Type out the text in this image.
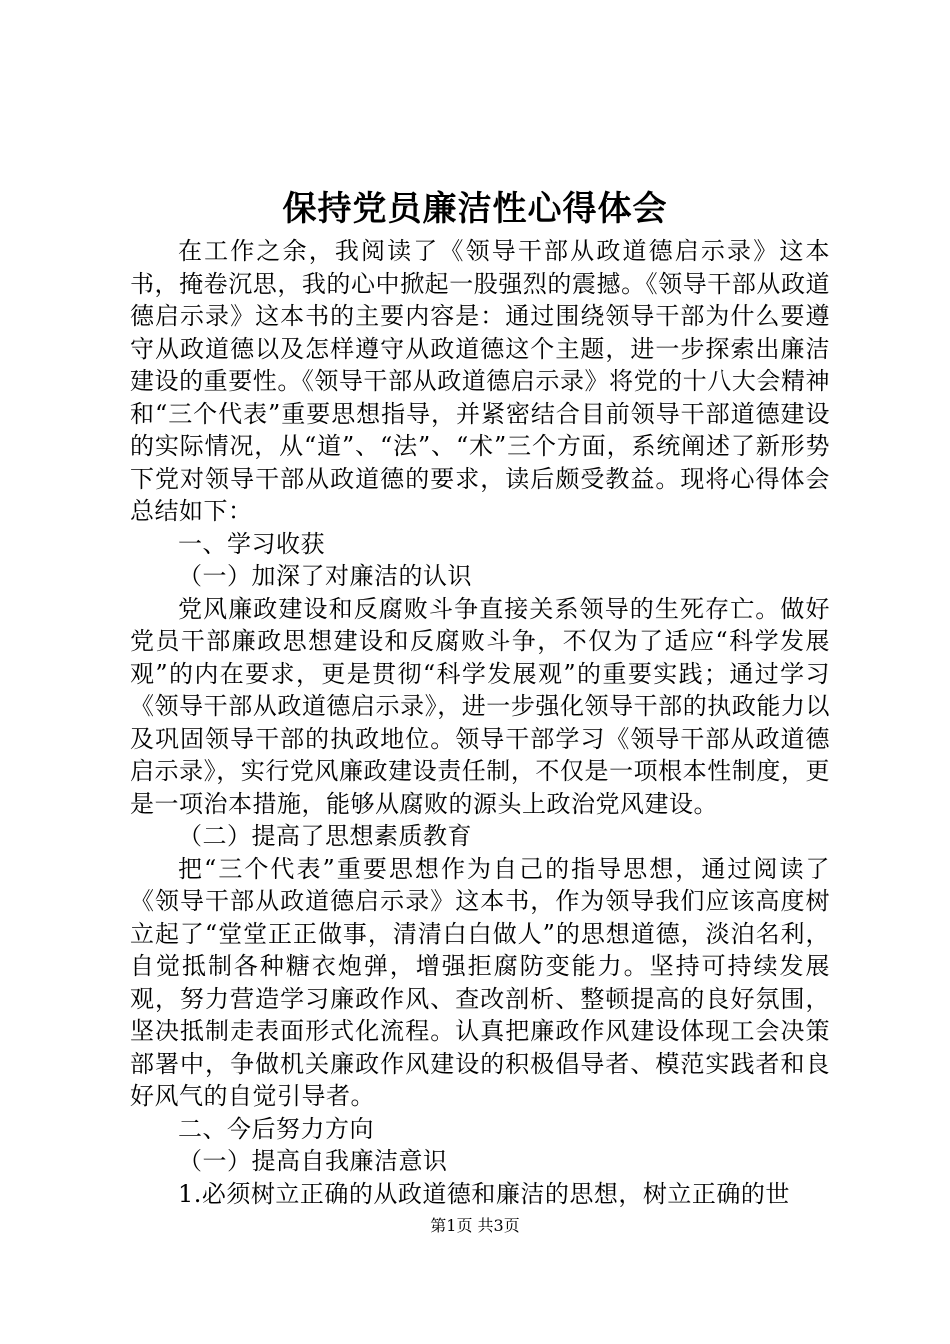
保持党员廉洁性心得体会

在工作之余，我阅读了《领导干部从政道德启示录》这本书，掩卷沉思，我的心中掀起一股强烈的震撼。《领导干部从政道德启示录》这本书的主要内容是：通过围绕领导干部为什么要遵守从政道德以及怎样遵守从政道德这个主题，进一步探索出廉洁建设的重要性。《领导干部从政道德启示录》将党的十八大会精神和“三个代表”重要思想指导，并紧密结合目前领导干部道德建设的实际情况，从“道”、“法”、“术”三个方面，系统阐述了新形势下党对领导干部从政道德的要求，读后颇受教益。现将心得体会总结如下：

一、学习收获

（一）加深了对廉洁的认识

党风廉政建设和反腐败斗争直接关系领导的生死存亡。做好党员干部廉政思想建设和反腐败斗争，不仅为了适应“科学发展观”的内在要求，更是贯彻“科学发展观”的重要实践；通过学习《领导干部从政道德启示录》，进一步强化领导干部的执政能力以及巩固领导干部的执政地位。领导干部学习《领导干部从政道德启示录》，实行党风廉政建设责任制，不仅是一项根本性制度，更是一项治本措施，能够从腐败的源头上政治党风建设。

（二）提高了思想素质教育

把“三个代表”重要思想作为自己的指导思想，通过阅读了《领导干部从政道德启示录》这本书，作为领导我们应该高度树立起了“堂堂正正做事，清清白白做人”的思想道德，淡泊名利，自觉抵制各种糖衣炮弹，增强拒腐防变能力。坚持可持续发展观，努力营造学习廉政作风、查改剖析、整顿提高的良好氛围，坚决抵制走表面形式化流程。认真把廉政作风建设体现工会决策部署中，争做机关廉政作风建设的积极倡导者、模范实践者和良好风气的自觉引导者。

二、今后努力方向

（一）提高自我廉洁意识

1.必须树立正确的从政道德和廉洁的思想，树立正确的世

第1页 共3页
